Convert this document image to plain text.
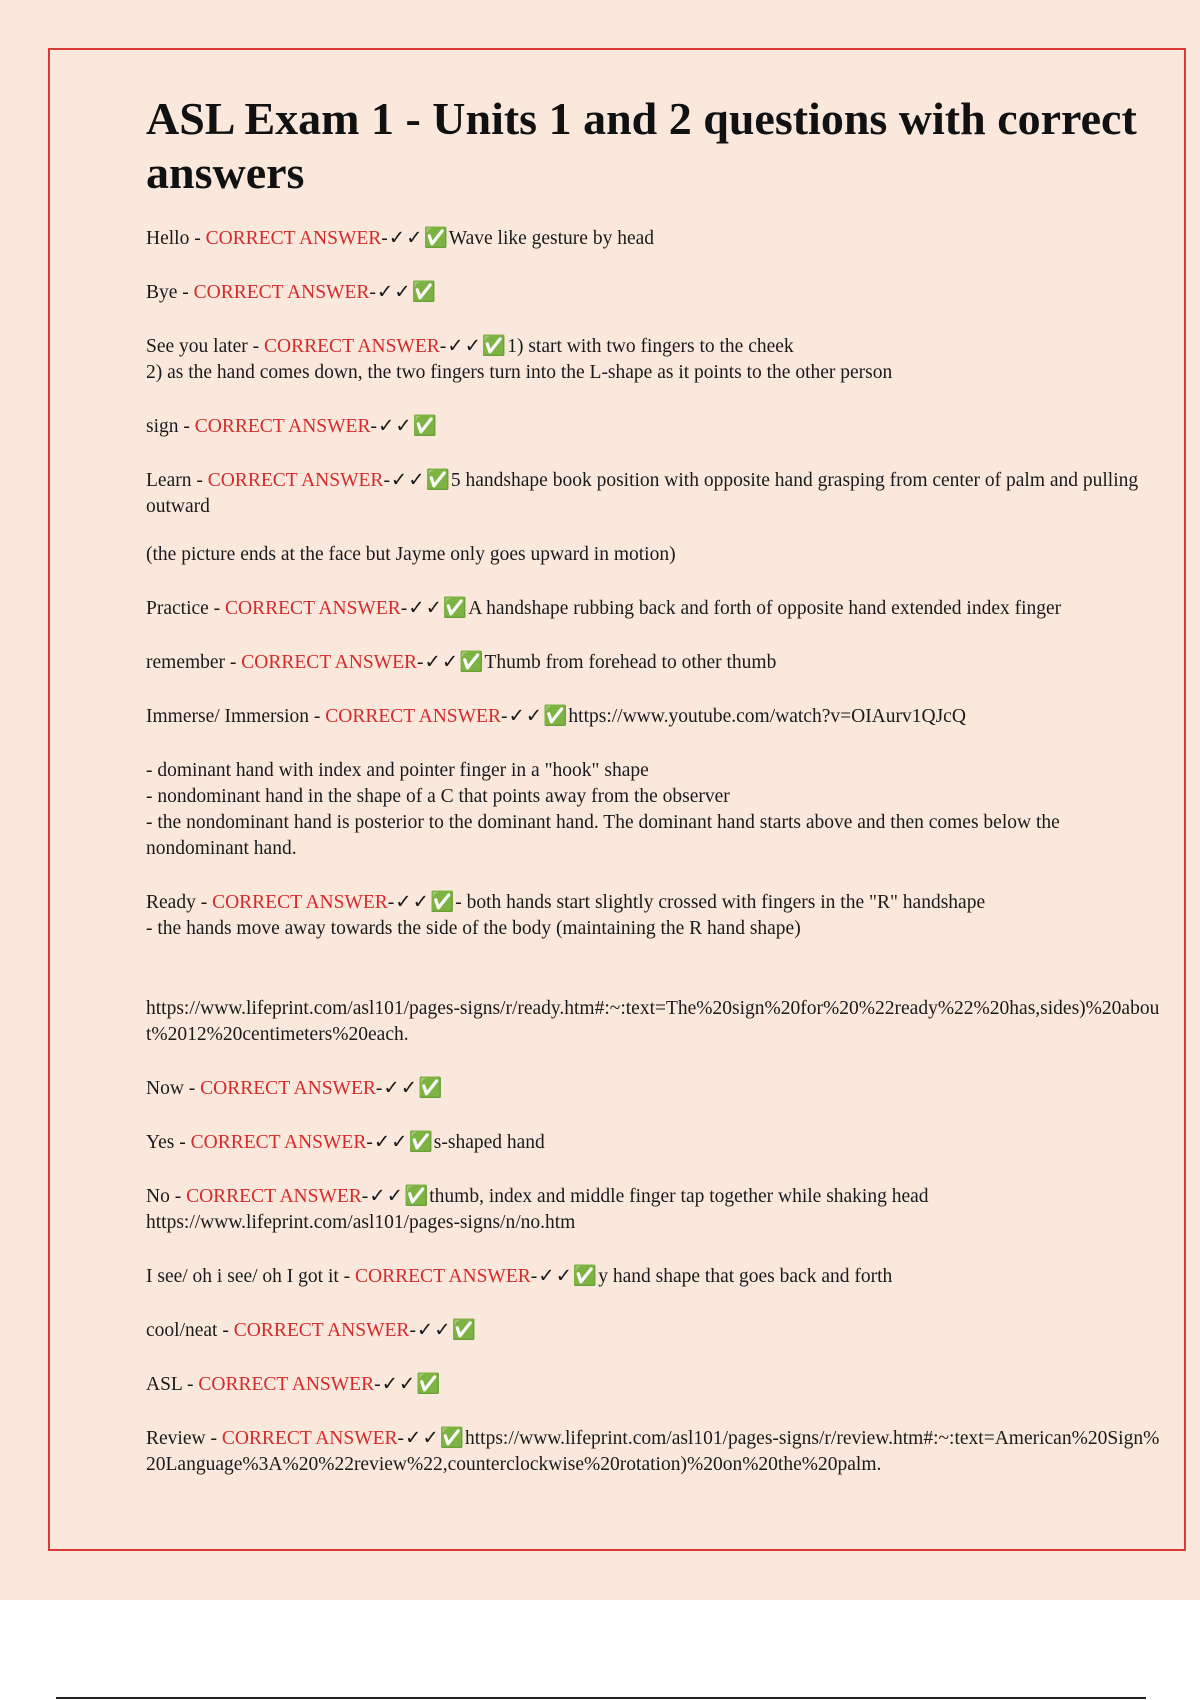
ASL Exam 1 - Units 1 and 2 questions with correct answers
Hello - CORRECT ANSWER-✓✓✅Wave like gesture by head
Bye - CORRECT ANSWER-✓✓✅
See you later - CORRECT ANSWER-✓✓✅1) start with two fingers to the cheek
2) as the hand comes down, the two fingers turn into the L-shape as it points to the other person
sign - CORRECT ANSWER-✓✓✅
Learn - CORRECT ANSWER-✓✓✅5 handshape book position with opposite hand grasping from center of palm and pulling outward
(the picture ends at the face but Jayme only goes upward in motion)
Practice - CORRECT ANSWER-✓✓✅A handshape rubbing back and forth of opposite hand extended index finger
remember - CORRECT ANSWER-✓✓✅Thumb from forehead to other thumb
Immerse/ Immersion - CORRECT ANSWER-✓✓✅https://www.youtube.com/watch?v=OIAurv1QJcQ
- dominant hand with index and pointer finger in a "hook" shape
- nondominant hand in the shape of a C that points away from the observer
- the nondominant hand is posterior to the dominant hand. The dominant hand starts above and then comes below the nondominant hand.
Ready - CORRECT ANSWER-✓✓✅- both hands start slightly crossed with fingers in the "R" handshape
- the hands move away towards the side of the body (maintaining the R hand shape)
https://www.lifeprint.com/asl101/pages-signs/r/ready.htm#:~:text=The%20sign%20for%20%22ready%22%20has,sides)%20about%2012%20centimeters%20each.
Now - CORRECT ANSWER-✓✓✅
Yes - CORRECT ANSWER-✓✓✅s-shaped hand
No - CORRECT ANSWER-✓✓✅thumb, index and middle finger tap together while shaking head
https://www.lifeprint.com/asl101/pages-signs/n/no.htm
I see/ oh i see/ oh I got it - CORRECT ANSWER-✓✓✅y hand shape that goes back and forth
cool/neat - CORRECT ANSWER-✓✓✅
ASL - CORRECT ANSWER-✓✓✅
Review - CORRECT ANSWER-✓✓✅https://www.lifeprint.com/asl101/pages-signs/r/review.htm#:~:text=American%20Sign%20Language%3A%20%22review%22,counterclockwise%20rotation)%20on%20the%20palm.
